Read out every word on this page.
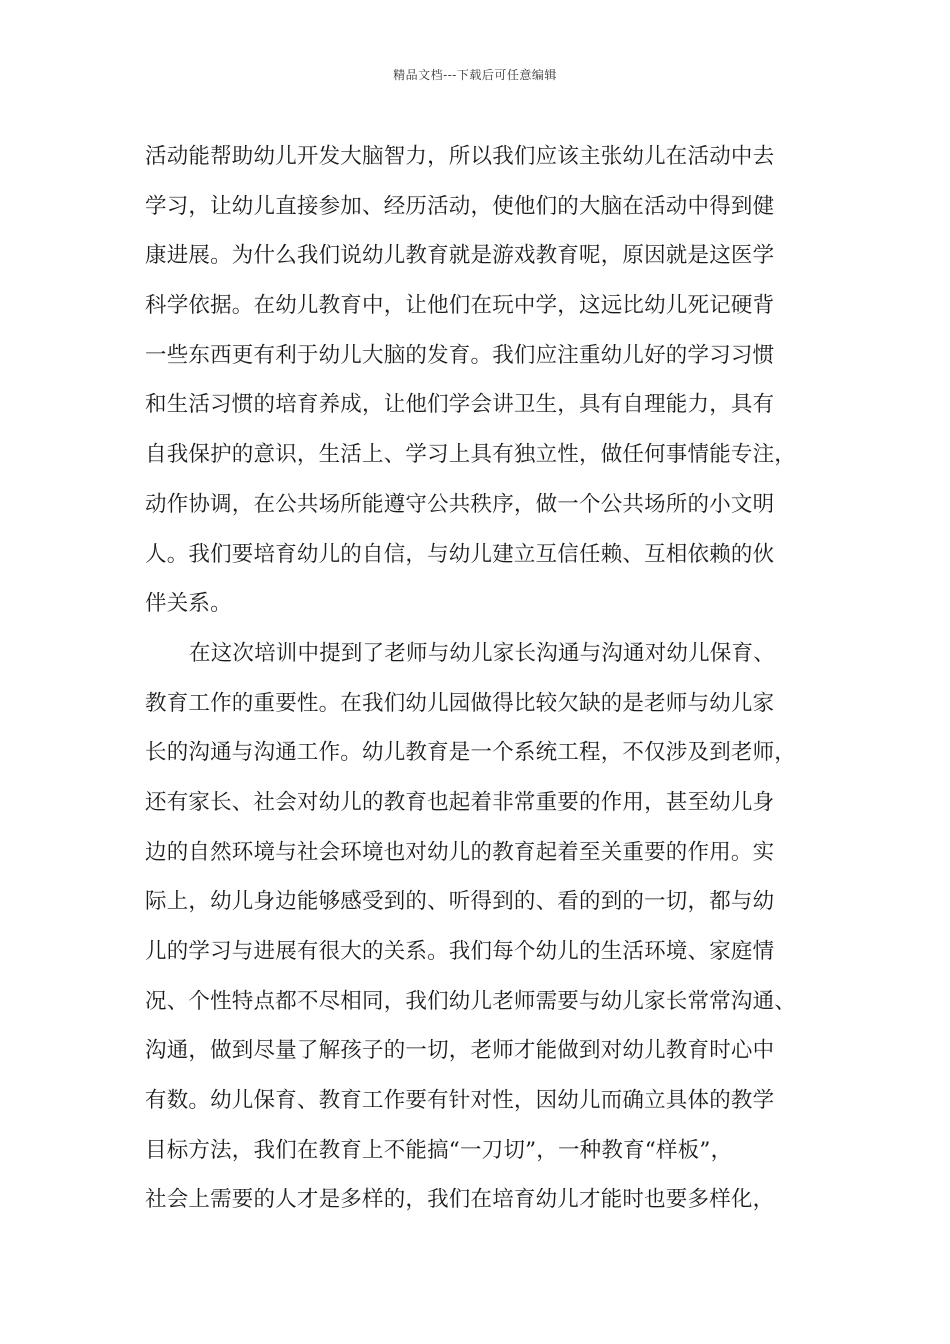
精品文档---下载后可任意编辑
活动能帮助幼儿开发大脑智力，所以我们应该主张幼儿在活动中去
学习，让幼儿直接参加、经历活动，使他们的大脑在活动中得到健
康进展。为什么我们说幼儿教育就是游戏教育呢，原因就是这医学
科学依据。在幼儿教育中，让他们在玩中学，这远比幼儿死记硬背
一些东西更有利于幼儿大脑的发育。我们应注重幼儿好的学习习惯
和生活习惯的培育养成，让他们学会讲卫生，具有自理能力，具有
自我保护的意识，生活上、学习上具有独立性，做任何事情能专注，
动作协调，在公共场所能遵守公共秩序，做一个公共场所的小文明
人。我们要培育幼儿的自信，与幼儿建立互信任赖、互相依赖的伙
伴关系。
在这次培训中提到了老师与幼儿家长沟通与沟通对幼儿保育、
教育工作的重要性。在我们幼儿园做得比较欠缺的是老师与幼儿家
长的沟通与沟通工作。幼儿教育是一个系统工程，不仅涉及到老师，
还有家长、社会对幼儿的教育也起着非常重要的作用，甚至幼儿身
边的自然环境与社会环境也对幼儿的教育起着至关重要的作用。实
际上，幼儿身边能够感受到的、听得到的、看的到的一切，都与幼
儿的学习与进展有很大的关系。我们每个幼儿的生活环境、家庭情
况、个性特点都不尽相同，我们幼儿老师需要与幼儿家长常常沟通、
沟通，做到尽量了解孩子的一切，老师才能做到对幼儿教育时心中
有数。幼儿保育、教育工作要有针对性，因幼儿而确立具体的教学
目标方法，我们在教育上不能搞“一刀切”，一种教育“样板”，
社会上需要的人才是多样的，我们在培育幼儿才能时也要多样化，
